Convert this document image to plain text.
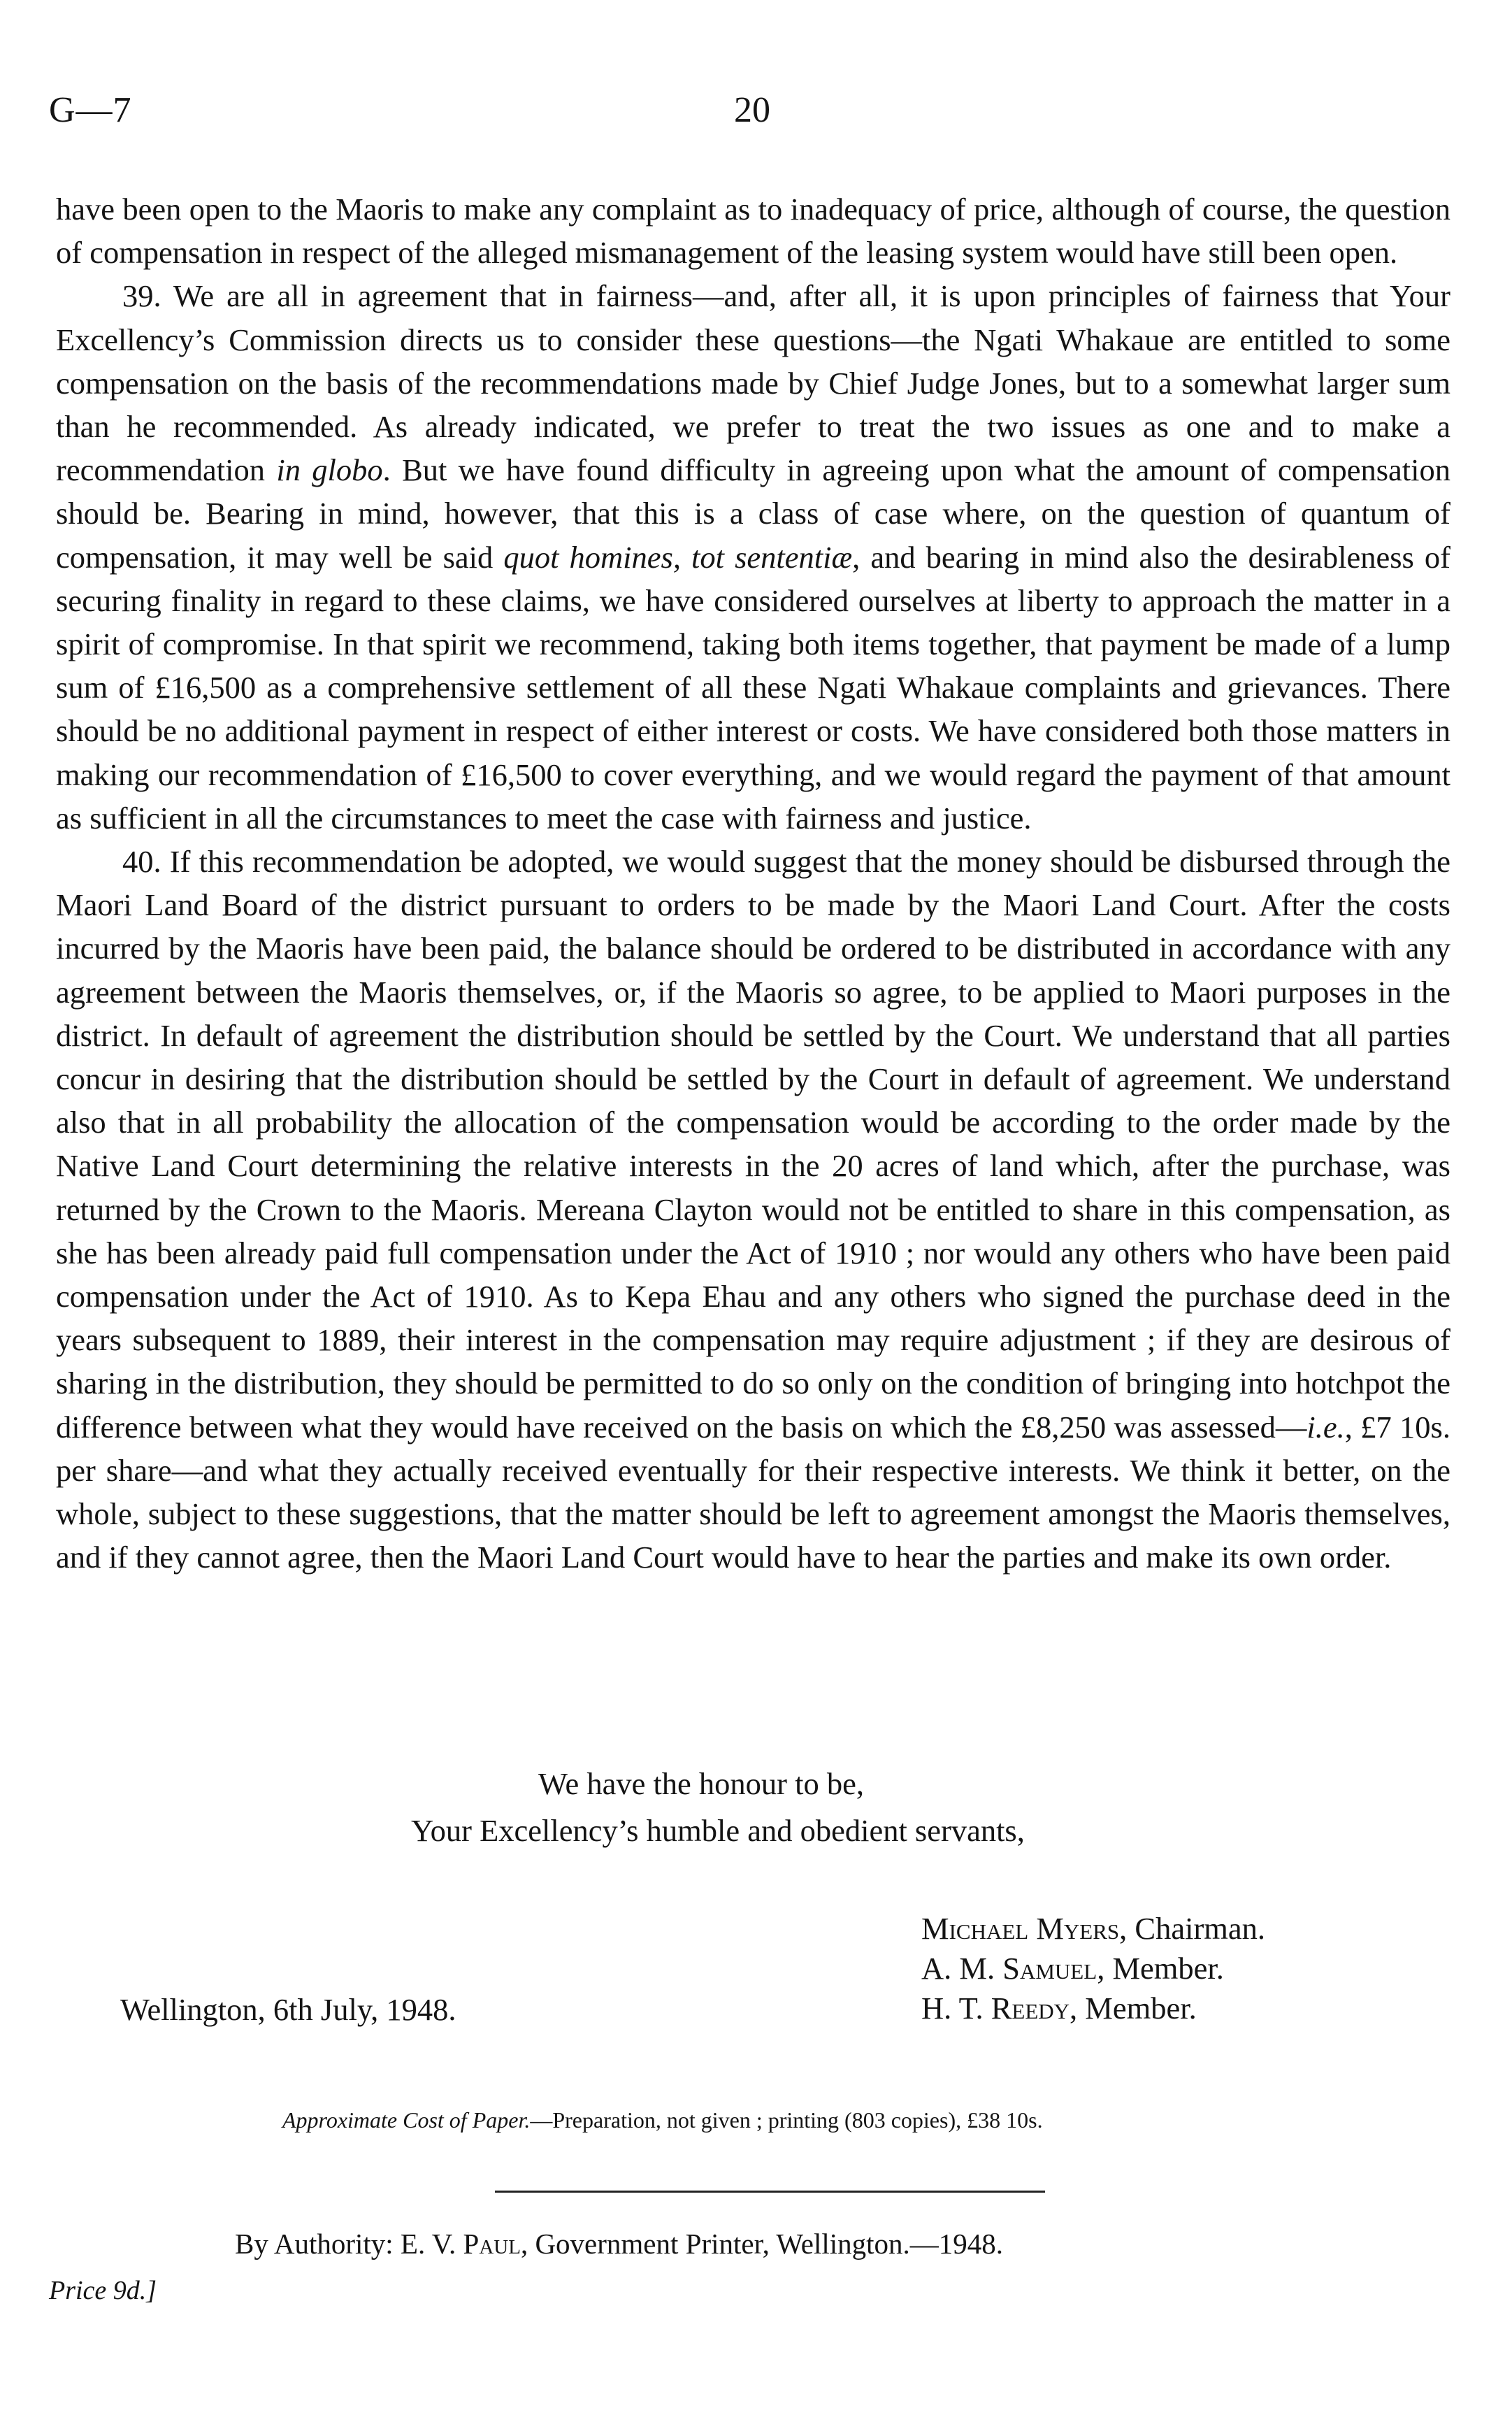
G—7	20

have been open to the Maoris to make any complaint as to inadequacy of price, although of course, the question of compensation in respect of the alleged mismanagement of the leasing system would have still been open.

39. We are all in agreement that in fairness—and, after all, it is upon principles of fairness that Your Excellency’s Commission directs us to consider these questions—the Ngati Whakaue are entitled to some compensation on the basis of the recommendations made by Chief Judge Jones, but to a somewhat larger sum than he recommended. As already indicated, we prefer to treat the two issues as one and to make a recommendation in globo. But we have found difficulty in agreeing upon what the amount of compensation should be. Bearing in mind, however, that this is a class of case where, on the question of quantum of compensation, it may well be said quot homines, tot sententiæ, and bearing in mind also the desirableness of securing finality in regard to these claims, we have considered ourselves at liberty to approach the matter in a spirit of compromise. In that spirit we recommend, taking both items together, that payment be made of a lump sum of £16,500 as a comprehensive settlement of all these Ngati Whakaue complaints and grievances. There should be no additional payment in respect of either interest or costs. We have considered both those matters in making our recommendation of £16,500 to cover everything, and we would regard the payment of that amount as sufficient in all the circumstances to meet the case with fairness and justice.

40. If this recommendation be adopted, we would suggest that the money should be disbursed through the Maori Land Board of the district pursuant to orders to be made by the Maori Land Court. After the costs incurred by the Maoris have been paid, the balance should be ordered to be distributed in accordance with any agreement between the Maoris themselves, or, if the Maoris so agree, to be applied to Maori purposes in the district. In default of agreement the distribution should be settled by the Court. We understand that all parties concur in desiring that the distribution should be settled by the Court in default of agreement. We understand also that in all probability the allocation of the compensation would be according to the order made by the Native Land Court determining the relative interests in the 20 acres of land which, after the purchase, was returned by the Crown to the Maoris. Mereana Clayton would not be entitled to share in this compensation, as she has been already paid full compensation under the Act of 1910 ; nor would any others who have been paid compensation under the Act of 1910. As to Kepa Ehau and any others who signed the purchase deed in the years subsequent to 1889, their interest in the compensation may require adjustment ; if they are desirous of sharing in the distribution, they should be permitted to do so only on the condition of bringing into hotchpot the difference between what they would have received on the basis on which the £8,250 was assessed—i.e., £7 10s. per share—and what they actually received eventually for their respective interests. We think it better, on the whole, subject to these suggestions, that the matter should be left to agreement amongst the Maoris themselves, and if they cannot agree, then the Maori Land Court would have to hear the parties and make its own order.

We have the honour to be,
Your Excellency’s humble and obedient servants,
Michael Myers, Chairman.
A. M. Samuel, Member.
H. T. Reedy, Member.
Wellington, 6th July, 1948.
Approximate Cost of Paper.—Preparation, not given ; printing (803 copies), £38 10s.
By Authority: E. V. Paul, Government Printer, Wellington.—1948.
Price 9d.]
